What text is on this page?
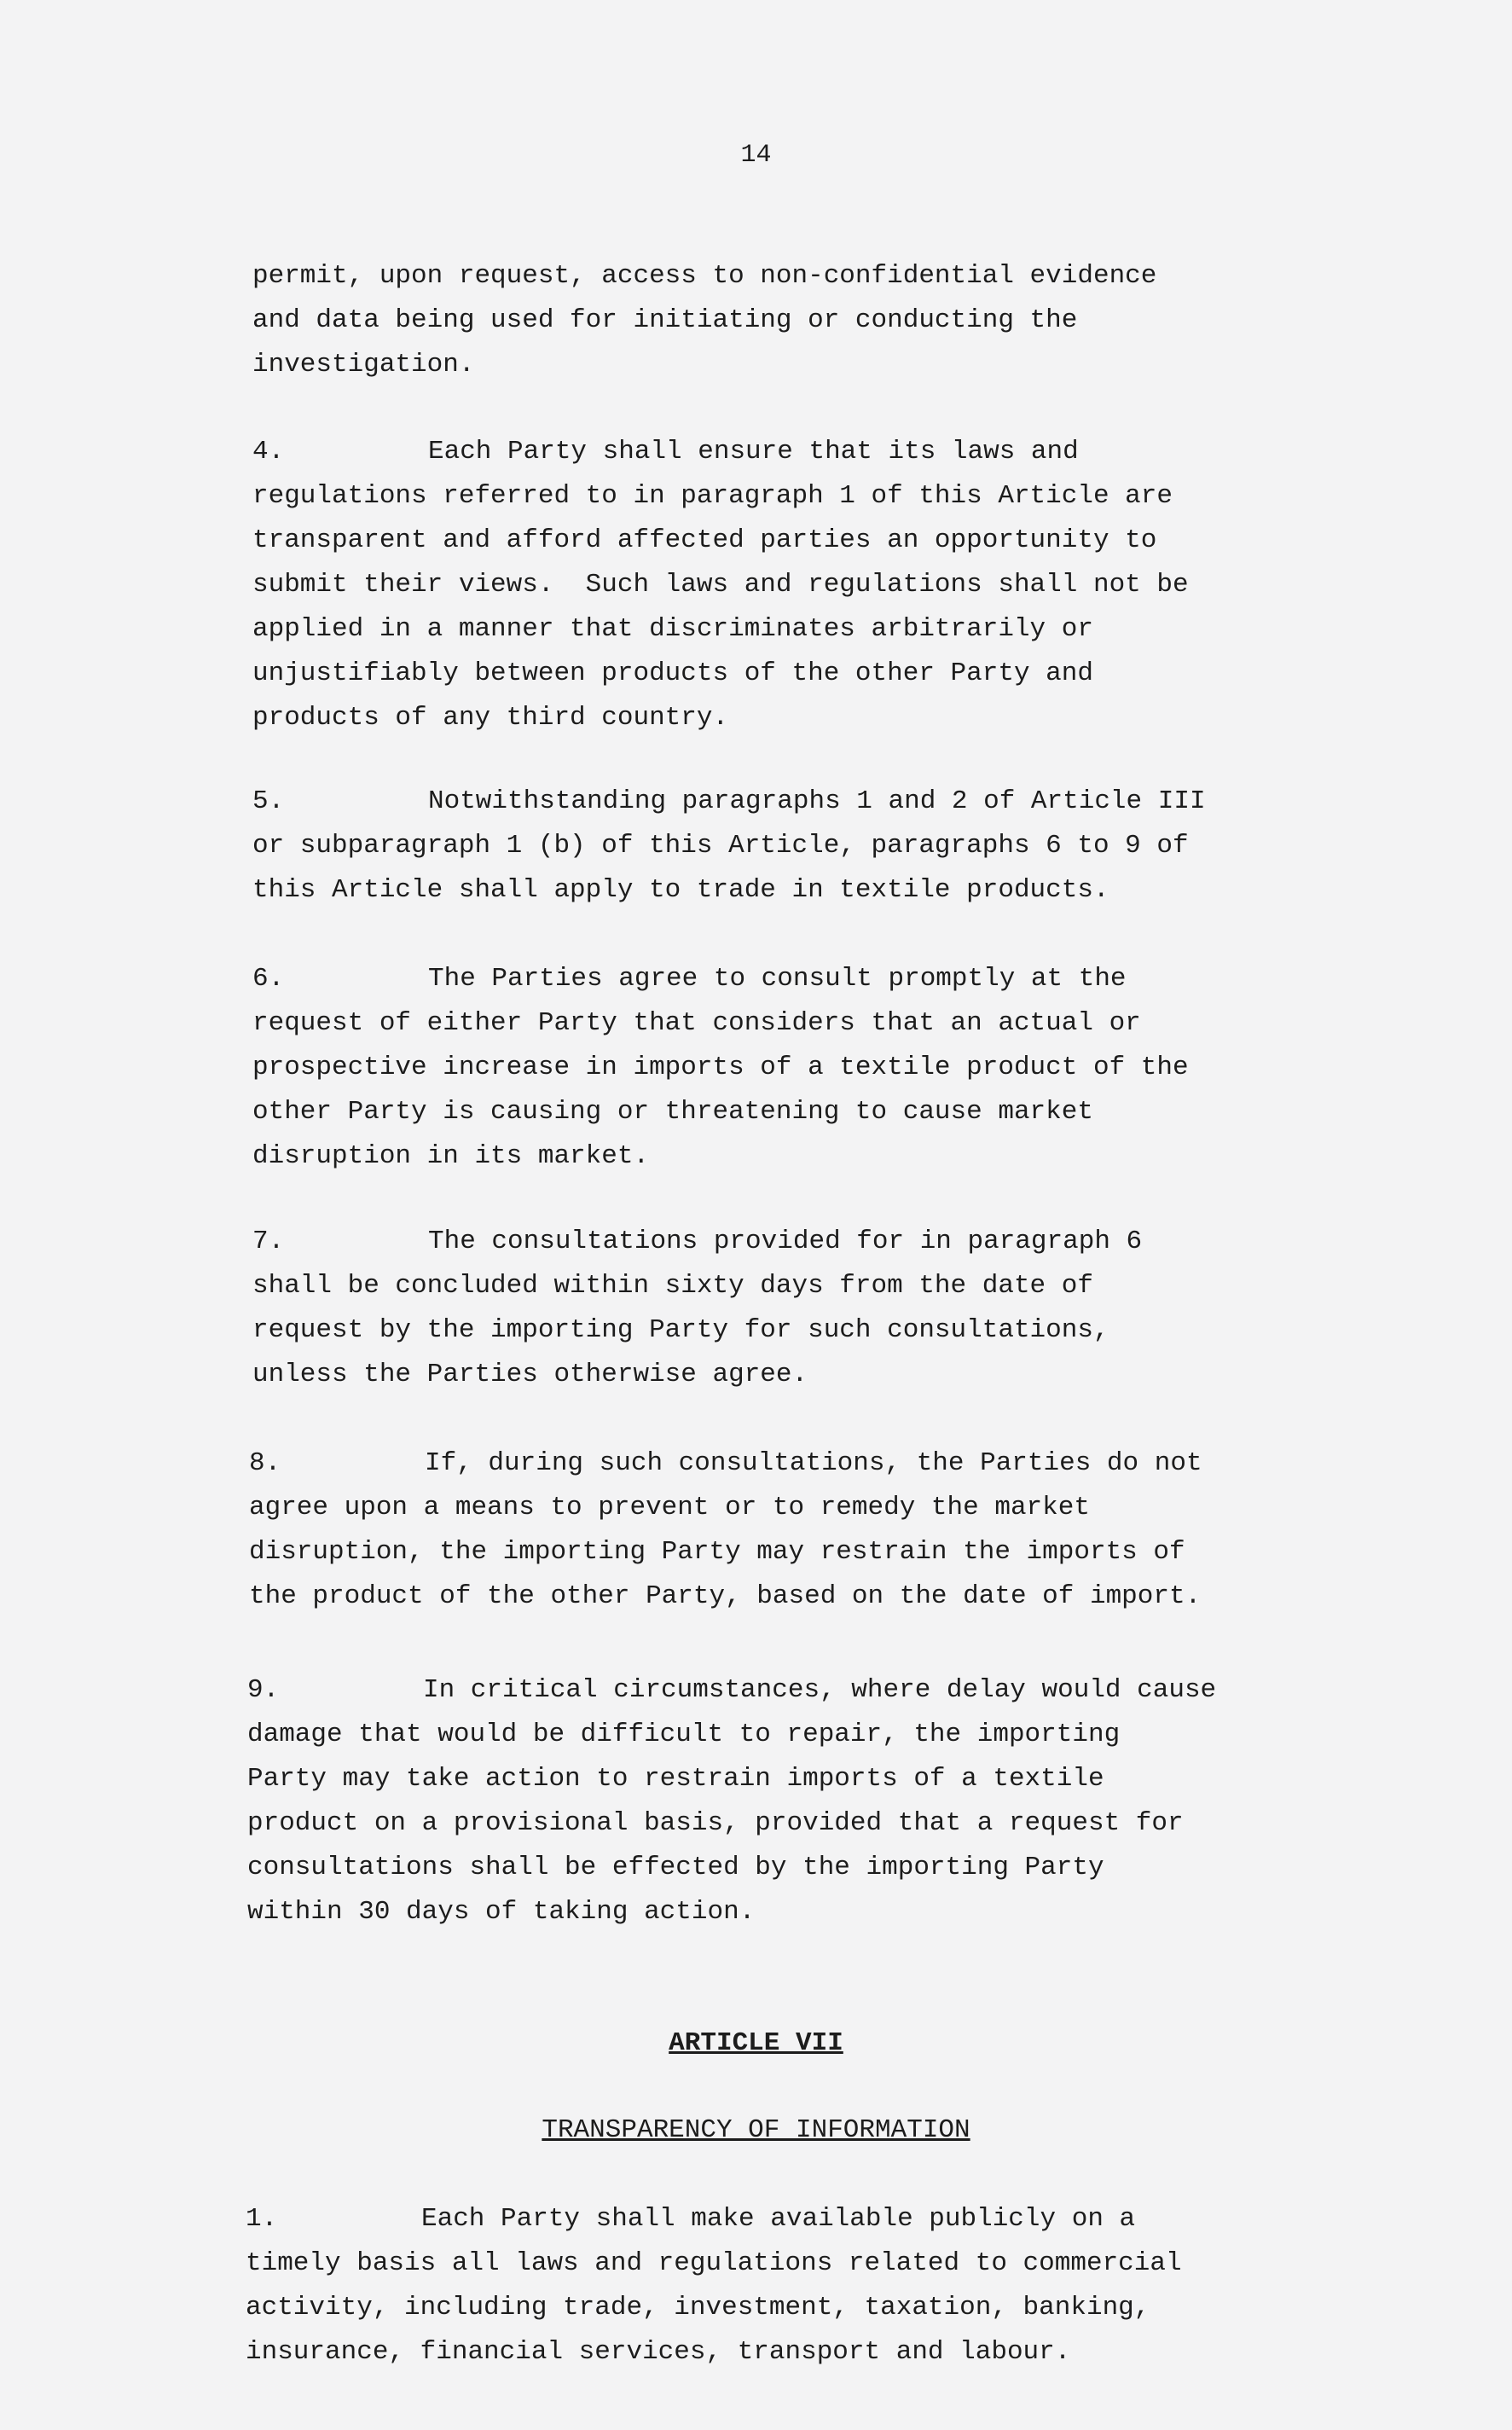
14

permit, upon request, access to non-confidential evidence
and data being used for initiating or conducting the
investigation.

4.	Each Party shall ensure that its laws and
regulations referred to in paragraph 1 of this Article are
transparent and afford affected parties an opportunity to
submit their views.  Such laws and regulations shall not be
applied in a manner that discriminates arbitrarily or
unjustifiably between products of the other Party and
products of any third country.

5.	Notwithstanding paragraphs 1 and 2 of Article III
or subparagraph 1 (b) of this Article, paragraphs 6 to 9 of
this Article shall apply to trade in textile products.

6.	The Parties agree to consult promptly at the
request of either Party that considers that an actual or
prospective increase in imports of a textile product of the
other Party is causing or threatening to cause market
disruption in its market.

7.	The consultations provided for in paragraph 6
shall be concluded within sixty days from the date of
request by the importing Party for such consultations,
unless the Parties otherwise agree.

8.	If, during such consultations, the Parties do not
agree upon a means to prevent or to remedy the market
disruption, the importing Party may restrain the imports of
the product of the other Party, based on the date of import.

9.	In critical circumstances, where delay would cause
damage that would be difficult to repair, the importing
Party may take action to restrain imports of a textile
product on a provisional basis, provided that a request for
consultations shall be effected by the importing Party
within 30 days of taking action.

ARTICLE VII
TRANSPARENCY OF INFORMATION

1.	Each Party shall make available publicly on a
timely basis all laws and regulations related to commercial
activity, including trade, investment, taxation, banking,
insurance, financial services, transport and labour.
